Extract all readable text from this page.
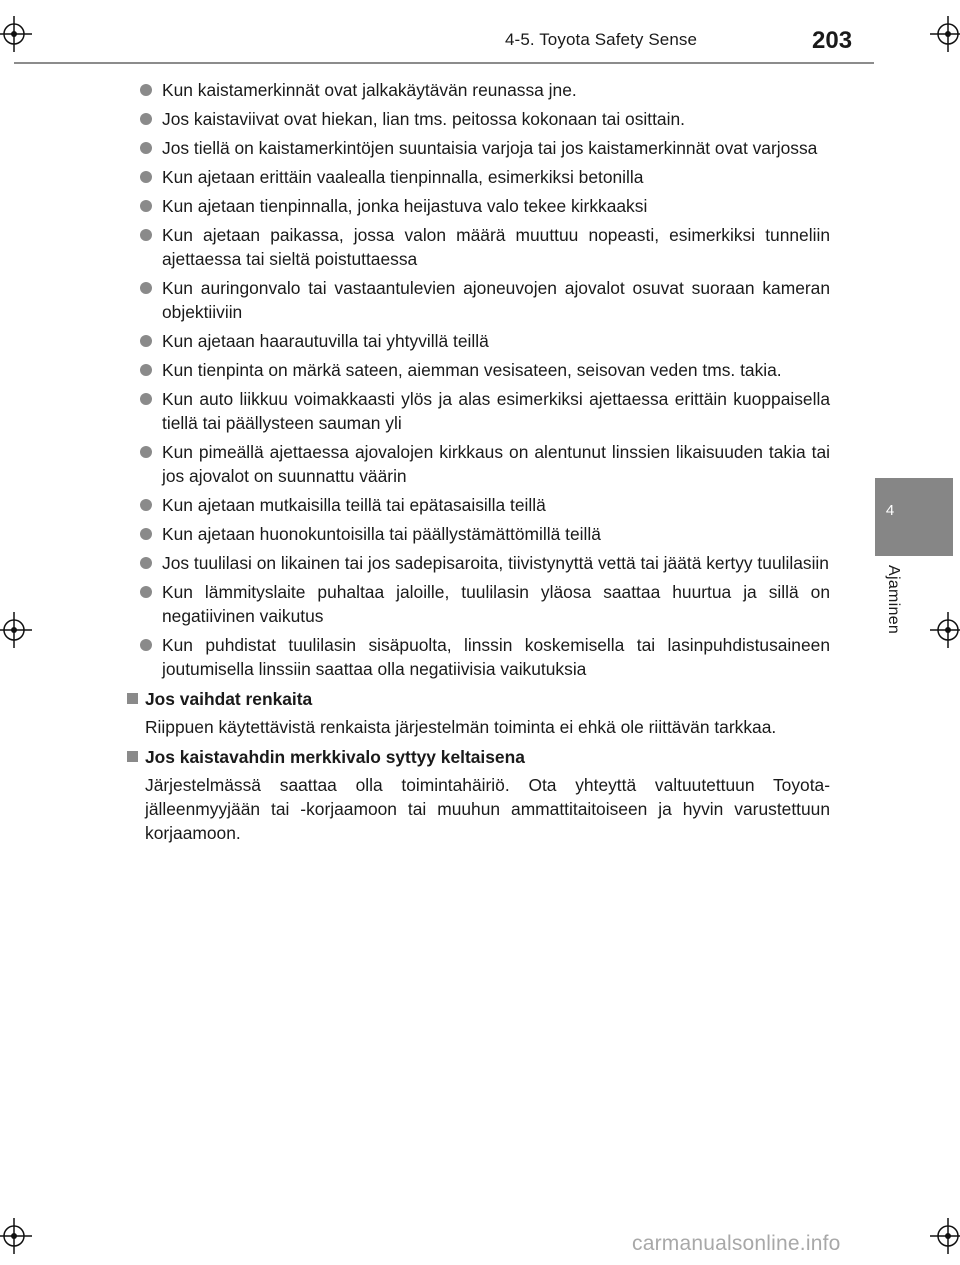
4-5. Toyota Safety Sense	203
4
Ajaminen
Kun kaistamerkinnät ovat jalkakäytävän reunassa jne.
Jos kaistaviivat ovat hiekan, lian tms. peitossa kokonaan tai osittain.
Jos tiellä on kaistamerkintöjen suuntaisia varjoja tai jos kaistamerkinnät ovat varjossa
Kun ajetaan erittäin vaalealla tienpinnalla, esimerkiksi betonilla
Kun ajetaan tienpinnalla, jonka heijastuva valo tekee kirkkaaksi
Kun ajetaan paikassa, jossa valon määrä muuttuu nopeasti, esimerkiksi tunneliin ajettaessa tai sieltä poistuttaessa
Kun auringonvalo tai vastaantulevien ajoneuvojen ajovalot osuvat suoraan kameran objektiiviin
Kun ajetaan haarautuvilla tai yhtyvillä teillä
Kun tienpinta on märkä sateen, aiemman vesisateen, seisovan veden tms. takia.
Kun auto liikkuu voimakkaasti ylös ja alas esimerkiksi ajettaessa erittäin kuoppaisella tiellä tai päällysteen sauman yli
Kun pimeällä ajettaessa ajovalojen kirkkaus on alentunut linssien likaisuuden takia tai jos ajovalot on suunnattu väärin
Kun ajetaan mutkaisilla teillä tai epätasaisilla teillä
Kun ajetaan huonokuntoisilla tai päällystämättömillä teillä
Jos tuulilasi on likainen tai jos sadepisaroita, tiivistynyttä vettä tai jäätä kertyy tuulilasiin
Kun lämmityslaite puhaltaa jaloille, tuulilasin yläosa saattaa huurtua ja sillä on negatiivinen vaikutus
Kun puhdistat tuulilasin sisäpuolta, linssin koskemisella tai lasinpuhdistusaineen joutumisella linssiin saattaa olla negatiivisia vaikutuksia
Jos vaihdat renkaita
Riippuen käytettävistä renkaista järjestelmän toiminta ei ehkä ole riittävän tarkkaa.
Jos kaistavahdin merkkivalo syttyy keltaisena
Järjestelmässä saattaa olla toimintahäiriö. Ota yhteyttä valtuutettuun Toyota-jälleenmyyjään tai -korjaamoon tai muuhun ammattitaitoiseen ja hyvin varustettuun korjaamoon.
carmanualsonline.info
